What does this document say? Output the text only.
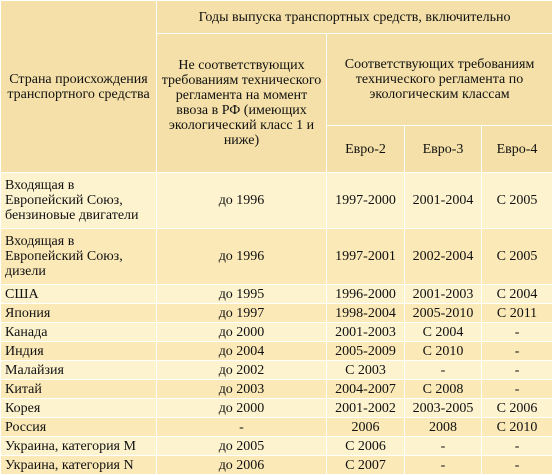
Страна происхождения транспортного средства	Годы выпуска транспортных средств, включительно			
	Не соответствующих требованиям технического регламента на момент ввоза в РФ (имеющих экологический класс 1 и ниже)	Соответствующих требованиям технического регламента по экологическим классам		
		Евро-2	Евро-3	Евро-4
Входящая в Европейский Союз, бензиновые двигатели	до 1996	1997-2000	2001-2004	С 2005
Входящая в Европейский Союз, дизели	до 1996	1997-2001	2002-2004	С 2005
США	до 1995	1996-2000	2001-2003	С 2004
Япония	до 1997	1998-2004	2005-2010	С 2011
Канада	до 2000	2001-2003	С 2004	-
Индия	до 2004	2005-2009	С 2010	-
Малайзия	до 2002	С 2003	-	-
Китай	до 2003	2004-2007	С 2008	-
Корея	до 2000	2001-2002	2003-2005	С 2006
Россия	-	2006	2008	С 2010
Украина, категория М	до 2005	С 2006	-	-
Украина, категория N	до 2006	С 2007	-	-
